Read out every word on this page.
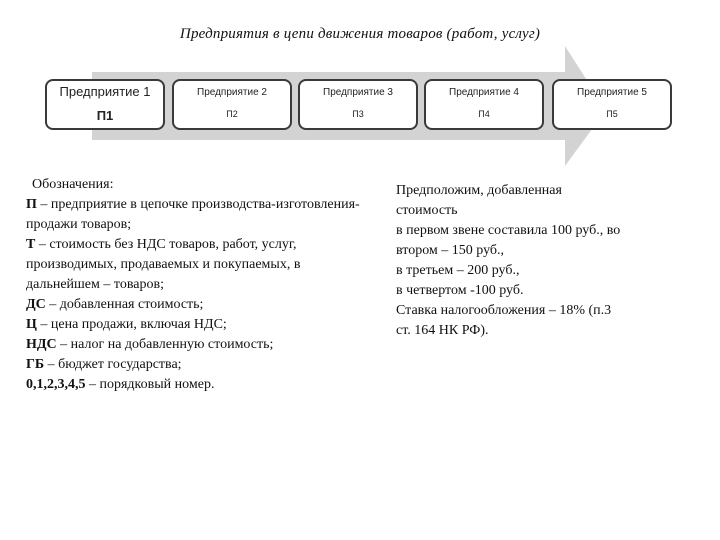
Предприятия в цепи движения товаров (работ, услуг)
Предприятие 1
П1
Предприятие 2
П2
Предприятие 3
П3
Предприятие 4
П4
Предприятие 5
П5
Обозначения:
П – предприятие в цепочке производства-изготовления-продажи товаров;
Т – стоимость без НДС товаров, работ, услуг, производимых, продаваемых и покупаемых, в дальнейшем – товаров;
ДС – добавленная стоимость;
Ц – цена продажи, включая НДС;
НДС – налог на добавленную стоимость;
ГБ – бюджет государства;
0,1,2,3,4,5 – порядковый номер.
Предположим, добавленная
стоимость
в первом звене составила 100 руб., во
втором – 150 руб.,
в третьем – 200 руб.,
в четвертом -100 руб.
Ставка налогообложения – 18% (п.3
ст. 164 НК РФ).
